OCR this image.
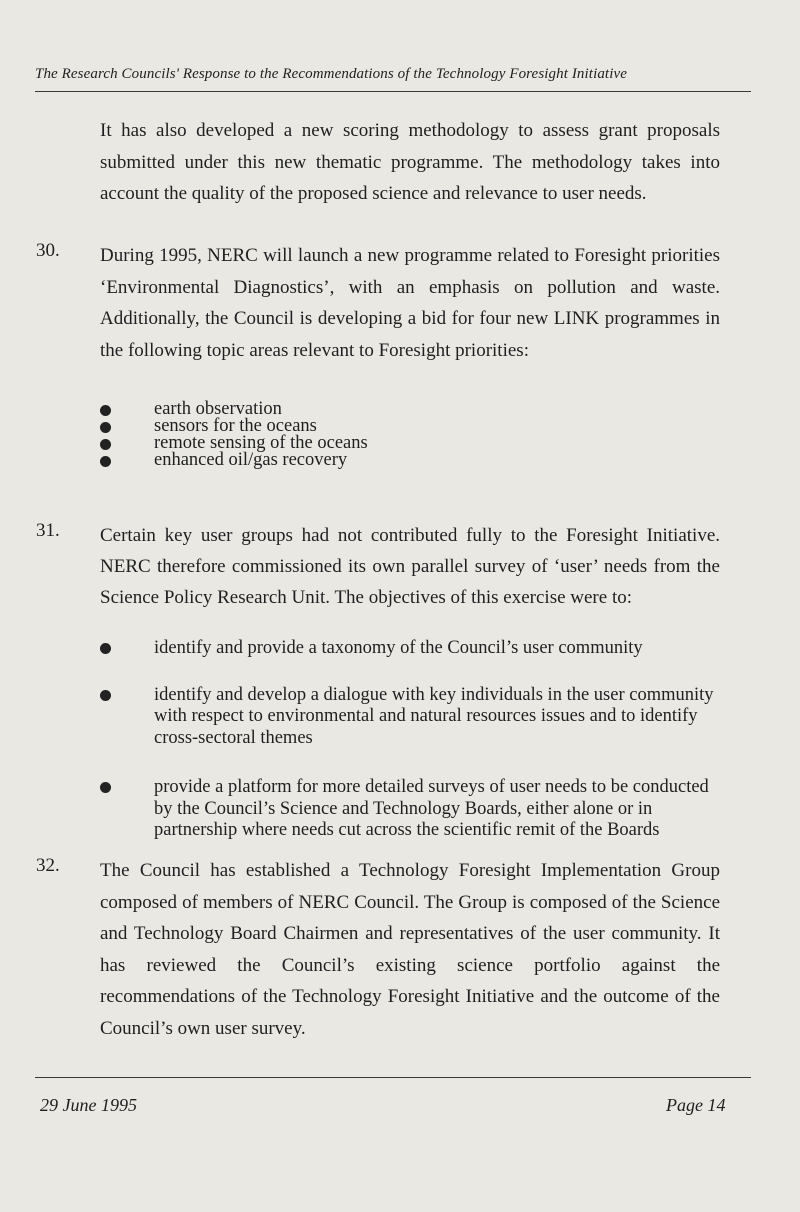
The Research Councils' Response to the Recommendations of the Technology Foresight Initiative
It has also developed a new scoring methodology to assess grant proposals submitted under this new thematic programme. The methodology takes into account the quality of the proposed science and relevance to user needs.
30. During 1995, NERC will launch a new programme related to Foresight priorities ‘Environmental Diagnostics’, with an emphasis on pollution and waste. Additionally, the Council is developing a bid for four new LINK programmes in the following topic areas relevant to Foresight priorities:
earth observation
sensors for the oceans
remote sensing of the oceans
enhanced oil/gas recovery
31. Certain key user groups had not contributed fully to the Foresight Initiative. NERC therefore commissioned its own parallel survey of ‘user’ needs from the Science Policy Research Unit. The objectives of this exercise were to:
identify and provide a taxonomy of the Council’s user community
identify and develop a dialogue with key individuals in the user community with respect to environmental and natural resources issues and to identify cross-sectoral themes
provide a platform for more detailed surveys of user needs to be conducted by the Council’s Science and Technology Boards, either alone or in partnership where needs cut across the scientific remit of the Boards
32. The Council has established a Technology Foresight Implementation Group composed of members of NERC Council. The Group is composed of the Science and Technology Board Chairmen and representatives of the user community. It has reviewed the Council’s existing science portfolio against the recommendations of the Technology Foresight Initiative and the outcome of the Council’s own user survey.
29 June 1995	Page 14
